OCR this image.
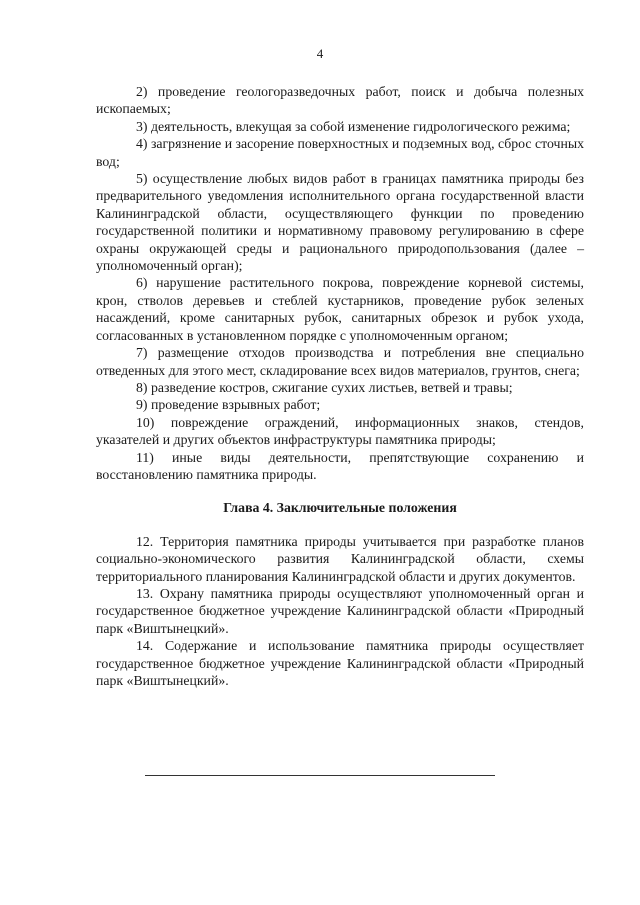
4

2) проведение геологоразведочных работ, поиск и добыча полезных ископаемых;

3) деятельность, влекущая за собой изменение гидрологического режима;

4) загрязнение и засорение поверхностных и подземных вод, сброс сточных вод;

5) осуществление любых видов работ в границах памятника природы без предварительного уведомления исполнительного органа государственной власти Калининградской области, осуществляющего функции по проведению государственной политики и нормативному правовому регулированию в сфере охраны окружающей среды и рационального природопользования (далее – уполномоченный орган);

6) нарушение растительного покрова, повреждение корневой системы, крон, стволов деревьев и стеблей кустарников, проведение рубок зеленых насаждений, кроме санитарных рубок, санитарных обрезок и рубок ухода, согласованных в установленном порядке с уполномоченным органом;

7) размещение отходов производства и потребления вне специально отведенных для этого мест, складирование всех видов материалов, грунтов, снега;

8) разведение костров, сжигание сухих листьев, ветвей и травы;

9) проведение взрывных работ;

10) повреждение ограждений, информационных знаков, стендов, указателей и других объектов инфраструктуры памятника природы;

11) иные виды деятельности, препятствующие сохранению и восстановлению памятника природы.

Глава 4. Заключительные положения

12. Территория памятника природы учитывается при разработке планов социально-экономического развития Калининградской области, схемы территориального планирования Калининградской области и других документов.

13. Охрану памятника природы осуществляют уполномоченный орган и государственное бюджетное учреждение Калининградской области «Природный парк «Виштынецкий».

14. Содержание и использование памятника природы осуществляет государственное бюджетное учреждение Калининградской области «Природный парк «Виштынецкий».
